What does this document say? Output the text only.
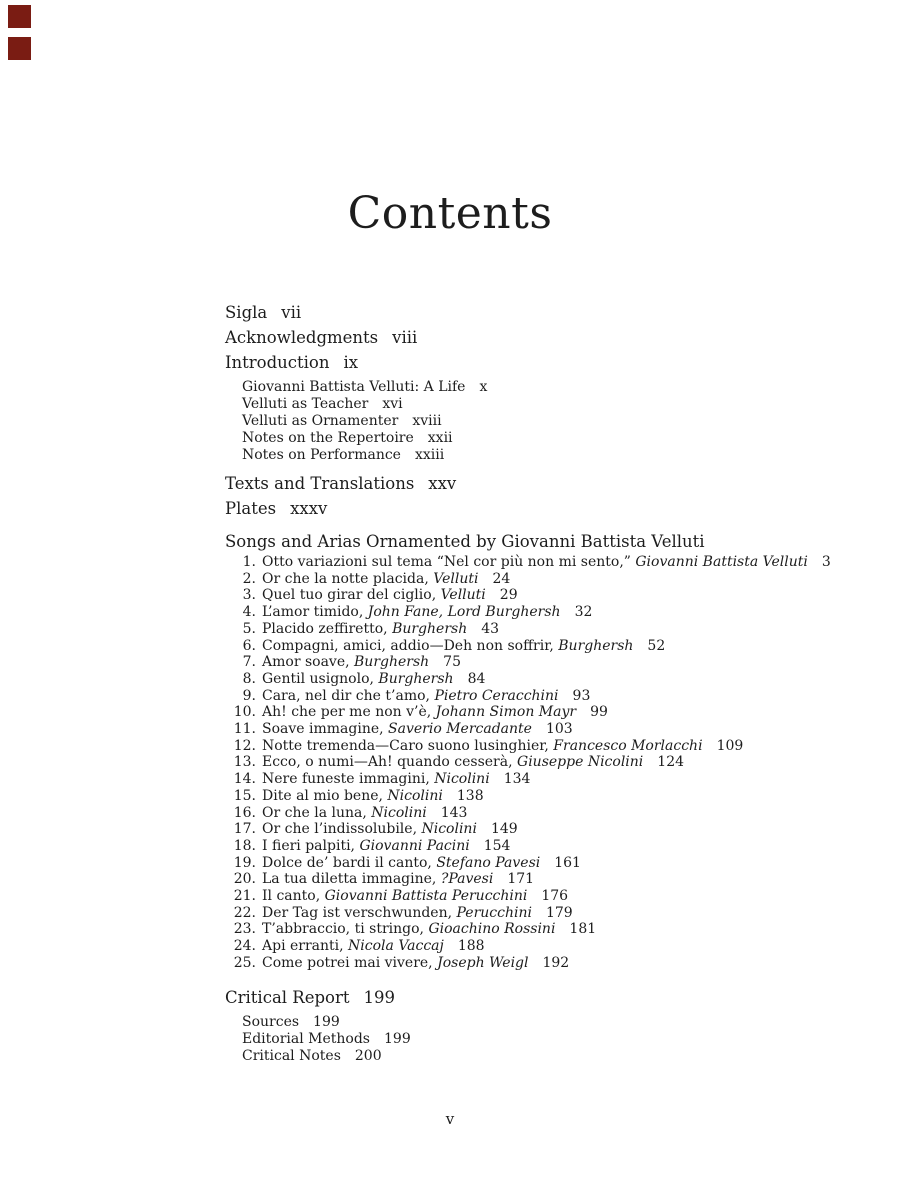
Contents
Sigla vii
Acknowledgments viii
Introduction ix
Giovanni Battista Velluti: A Life x
Velluti as Teacher xvi
Velluti as Ornamenter xviii
Notes on the Repertoire xxii
Notes on Performance xxiii
Texts and Translations xxv
Plates xxxv
Songs and Arias Ornamented by Giovanni Battista Velluti
1. Otto variazioni sul tema “Nel cor più non mi sento,” Giovanni Battista Velluti 3
2. Or che la notte placida, Velluti 24
3. Quel tuo girar del ciglio, Velluti 29
4. L’amor timido, John Fane, Lord Burghersh 32
5. Placido zeffiretto, Burghersh 43
6. Compagni, amici, addio—Deh non soffrir, Burghersh 52
7. Amor soave, Burghersh 75
8. Gentil usignolo, Burghersh 84
9. Cara, nel dir che t’amo, Pietro Ceracchini 93
10. Ah! che per me non v’è, Johann Simon Mayr 99
11. Soave immagine, Saverio Mercadante 103
12. Notte tremenda—Caro suono lusinghier, Francesco Morlacchi 109
13. Ecco, o numi—Ah! quando cesserà, Giuseppe Nicolini 124
14. Nere funeste immagini, Nicolini 134
15. Dite al mio bene, Nicolini 138
16. Or che la luna, Nicolini 143
17. Or che l’indissolubile, Nicolini 149
18. I fieri palpiti, Giovanni Pacini 154
19. Dolce de’ bardi il canto, Stefano Pavesi 161
20. La tua diletta immagine, ?Pavesi 171
21. Il canto, Giovanni Battista Perucchini 176
22. Der Tag ist verschwunden, Perucchini 179
23. T’abbraccio, ti stringo, Gioachino Rossini 181
24. Api erranti, Nicola Vaccaj 188
25. Come potrei mai vivere, Joseph Weigl 192
Critical Report 199
Sources 199
Editorial Methods 199
Critical Notes 200
v
